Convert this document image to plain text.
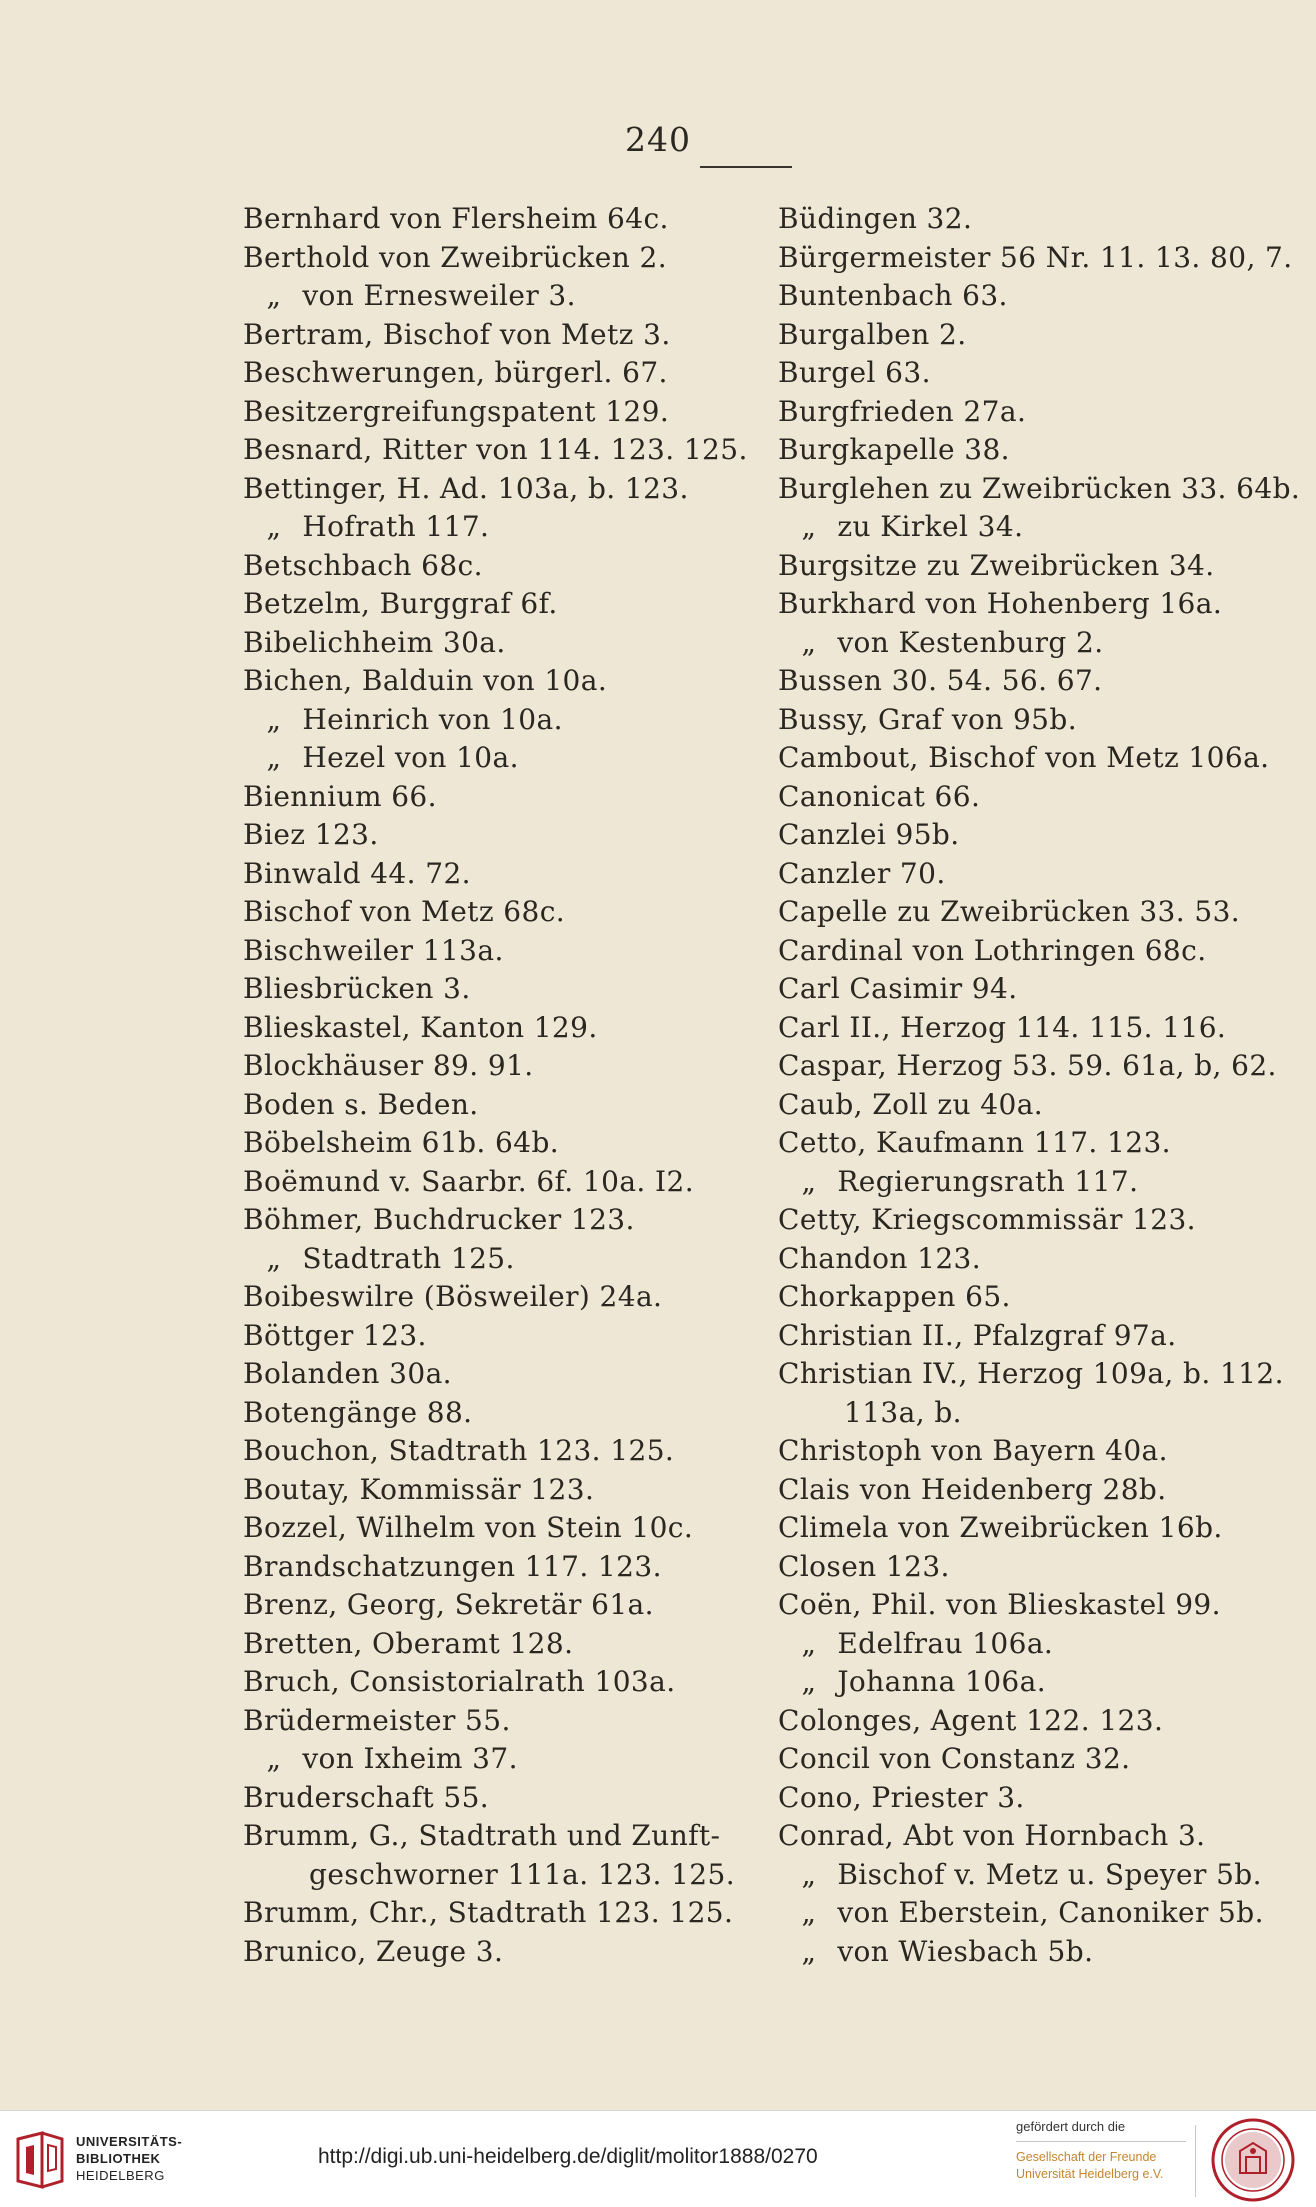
240
Bernhard von Flersheim 64c.
Berthold von Zweibrücken 2.
„ von Ernesweiler 3.
Bertram, Bischof von Metz 3.
Beschwerungen, bürgerl. 67.
Besitzergreifungspatent 129.
Besnard, Ritter von 114. 123. 125.
Bettinger, H. Ad. 103a, b. 123.
„ Hofrath 117.
Betschbach 68c.
Betzelm, Burggraf 6f.
Bibelichheim 30a.
Bichen, Balduin von 10a.
„ Heinrich von 10a.
„ Hezel von 10a.
Biennium 66.
Biez 123.
Binwald 44. 72.
Bischof von Metz 68c.
Bischweiler 113a.
Bliesbrücken 3.
Blieskastel, Kanton 129.
Blockhäuser 89. 91.
Boden s. Beden.
Böbelsheim 61b. 64b.
Boëmund v. Saarbr. 6f. 10a. I2.
Böhmer, Buchdrucker 123.
„ Stadtrath 125.
Boibeswilre (Bösweiler) 24a.
Böttger 123.
Bolanden 30a.
Botengänge 88.
Bouchon, Stadtrath 123. 125.
Boutay, Kommissär 123.
Bozzel, Wilhelm von Stein 10c.
Brandschatzungen 117. 123.
Brenz, Georg, Sekretär 61a.
Bretten, Oberamt 128.
Bruch, Consistorialrath 103a.
Brüdermeister 55.
„ von Ixheim 37.
Bruderschaft 55.
Brumm, G., Stadtrath und Zunft-
geschworner 111a. 123. 125.
Brumm, Chr., Stadtrath 123. 125.
Brunico, Zeuge 3.
Büdingen 32.
Bürgermeister 56 Nr. 11. 13. 80, 7.
Buntenbach 63.
Burgalben 2.
Burgel 63.
Burgfrieden 27a.
Burgkapelle 38.
Burglehen zu Zweibrücken 33. 64b.
„ zu Kirkel 34.
Burgsitze zu Zweibrücken 34.
Burkhard von Hohenberg 16a.
„ von Kestenburg 2.
Bussen 30. 54. 56. 67.
Bussy, Graf von 95b.
Cambout, Bischof von Metz 106a.
Canonicat 66.
Canzlei 95b.
Canzler 70.
Capelle zu Zweibrücken 33. 53.
Cardinal von Lothringen 68c.
Carl Casimir 94.
Carl II., Herzog 114. 115. 116.
Caspar, Herzog 53. 59. 61a, b, 62.
Caub, Zoll zu 40a.
Cetto, Kaufmann 117. 123.
„ Regierungsrath 117.
Cetty, Kriegscommissär 123.
Chandon 123.
Chorkappen 65.
Christian II., Pfalzgraf 97a.
Christian IV., Herzog 109a, b. 112.
113a, b.
Christoph von Bayern 40a.
Clais von Heidenberg 28b.
Climela von Zweibrücken 16b.
Closen 123.
Coën, Phil. von Blieskastel 99.
„ Edelfrau 106a.
„ Johanna 106a.
Colonges, Agent 122. 123.
Concil von Constanz 32.
Cono, Priester 3.
Conrad, Abt von Hornbach 3.
„ Bischof v. Metz u. Speyer 5b.
„ von Eberstein, Canoniker 5b.
„ von Wiesbach 5b.
UNIVERSITÄTS-
BIBLIOTHEK
HEIDELBERG
http://digi.ub.uni-heidelberg.de/diglit/molitor1888/0270
gefördert durch die
Gesellschaft der Freunde
Universität Heidelberg e.V.
